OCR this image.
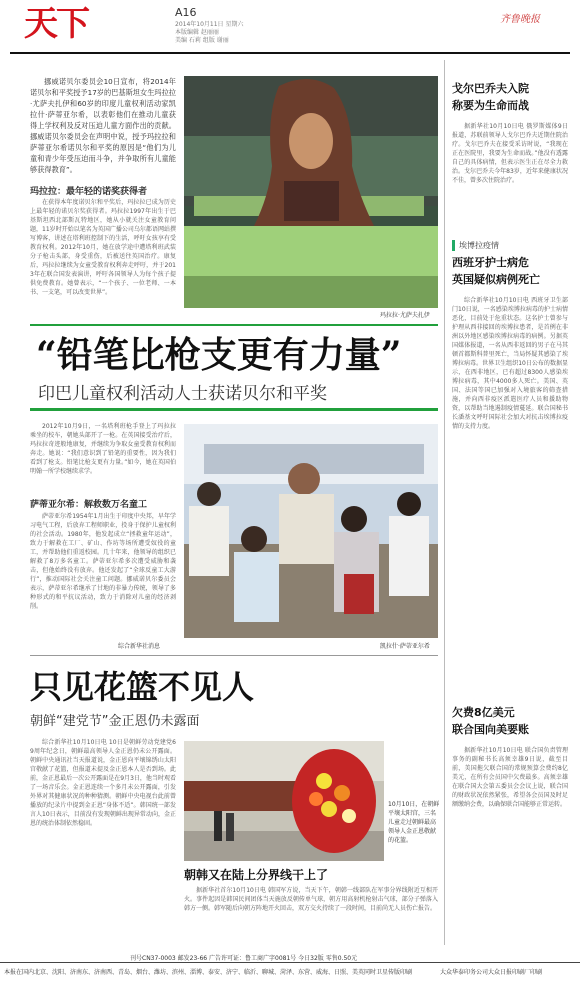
天下	A16
2014年10月11日 星期六
本版编辑 赵丽丽
美编 石莉 组版 谢丽
齐鲁晚报
挪威诺贝尔委员会10日宣布，将2014年诺贝尔和平奖授予17岁的巴基斯坦女生玛拉拉·尤萨夫扎伊和60岁的印度儿童权利活动家凯拉什·萨蒂亚尔希，以表彰他们在推动儿童获得上学权利及反对压迫儿童方面作出的贡献。挪威诺贝尔委员会在声明中说，授予玛拉拉和萨蒂亚尔希诺贝尔和平奖的原因是“他们为儿童和青少年受压迫而斗争，并争取所有儿童能够获得教育”。
玛拉拉：最年轻的诺奖获得者
在获得本年度诺贝尔和平奖后，玛拉拉已成为历史上最年轻的诺贝尔奖获得者。玛拉拉1997年出生于巴基斯坦西北部斯瓦特地区，她从小就关注女童教育问题，11岁时开始以笔名为英国广播公司乌尔都语网站撰写博客，讲述在塔利班控制下的生活，呼吁女孩享有受教育权利。2012年10月，她在放学途中遭塔利班武装分子枪击头部，身受重伤，后被送往英国治疗。康复后，玛拉拉继续为女童受教育权利奔走呼吁，并于2013年在联合国发表演讲，呼吁各国领导人为每个孩子提供免费教育。她曾表示，“一个孩子、一位老师、一本书、一支笔，可以改变世界”。
玛拉拉·尤萨夫扎伊
“铅笔比枪支更有力量”
印巴儿童权利活动人士获诺贝尔和平奖
2012年10月9日，一名塔利班枪手登上了玛拉拉乘坐的校车，朝她头部开了一枪。在英国接受治疗后，玛拉拉奇迹般地康复，并继续为争取女童受教育权利而奔走。她说：“我们意识到了铅笔的重要性，因为我们看到了枪支。铅笔比枪支更有力量。”如今，她在英国伯明翰一所学校继续求学。
萨蒂亚尔希：解救数万名童工
萨蒂亚尔希1954年1月出生于印度中央邦，早年学习电气工程，后放弃工程师职业，投身于保护儿童权利的社会活动。1980年，他发起成立“拯救童年运动”，致力于解救在工厂、矿山、作坊等场所遭受奴役的童工，并帮助他们重返校园。几十年来，他领导的组织已解救了8万多名童工。萨蒂亚尔希多次遭受威胁和袭击，但他始终没有放弃。他还发起了“全球反童工大游行”，推动国际社会关注童工问题。挪威诺贝尔委员会表示，萨蒂亚尔希继承了甘地的非暴力传统，领导了多种形式的和平抗议活动，致力于消除对儿童的经济剥削。
综合新华社消息	凯拉什·萨蒂亚尔希
只见花篮不见人
朝鲜“建党节”金正恩仍未露面
综合新华社10月10日电 10日是朝鲜劳动党建党69周年纪念日，朝鲜最高领导人金正恩仍未公开露面。朝鲜中央通讯社当天报道说，金正恩向平壤锦绣山太阳宫敬献了花篮，但报道未提及金正恩本人是否到场。此前，金正恩最后一次公开露面是在9月3日，他当时观看了一场音乐会。金正恩连续一个多月未公开露面，引发外界对其健康状况的种种猜测。朝鲜中央电视台此前曾播放的纪录片中提到金正恩“身体不适”。韩国统一部发言人10日表示，目前没有发现朝鲜出现异常动向，金正恩的统治体制依然稳固。
10月10日，在朝鲜平壤太阳宫，三名儿童走过朝鲜最高领导人金正恩敬献的花篮。
朝韩又在陆上分界线干上了
据新华社首尔10月10日电 韩国军方说，当天下午，朝韩一线部队在军事分界线附近互相开火。事件起因是韩国民间团体当天施放反朝传单气球，朝方用高射机枪射击气球，部分子弹落入韩方一侧。韩军随后向朝方阵地开火回击，双方交火持续了一段时间，目前尚无人员伤亡报告。
戈尔巴乔夫入院
称要为生命而战
据新华社10月10日电 俄罗斯媒体9日报道，苏联前领导人戈尔巴乔夫近期住院治疗。戈尔巴乔夫在接受采访时说，“我现在正在医院里，我要为生命而战。”他没有透露自己的具体病情，但表示医生正在尽全力救治。戈尔巴乔夫今年83岁，近年来健康状况不佳，曾多次住院治疗。
埃博拉疫情
西班牙护士病危
英国疑似病例死亡
综合新华社10月10日电 西班牙卫生部门10日说，一名感染埃博拉病毒的护士病情恶化，目前处于危重状态。这名护士曾参与护理从西非接回的埃博拉患者，是首例在非洲以外地区感染埃博拉病毒的病例。另据英国媒体报道，一名从西非返回的男子在马其顿首都斯科普里死亡，当局怀疑其感染了埃博拉病毒。世界卫生组织10日公布的数据显示，在西非地区，已有超过8300人感染埃博拉病毒，其中4000多人死亡。美国、英国、法国等国已加强对入境旅客的筛查措施，并向西非疫区派遣医疗人员和援助物资，以帮助当地遏制疫情蔓延。联合国秘书长潘基文呼吁国际社会加大对抗击埃博拉疫情的支持力度。
欠费8亿美元
联合国向美要账
据新华社10月10日电 联合国负责管理事务的副秘书长高须幸雄9日说，截至目前，美国拖欠联合国的常规预算会费约8亿美元，在所有会员国中欠费最多。高须幸雄在联合国大会第五委员会会议上说，联合国的财政状况依然紧张，希望各会员国及时足额缴纳会费，以确保联合国能够正常运转。
本报在国内北京、沈阳、济南东、济南西、青岛、烟台、潍坊、滨州、淄博、泰安、济宁、临沂、聊城、菏泽、东营、威海、日照、美英同时卫星传版印刷
刊号CN37-0003 邮发23-66 广告许可证：鲁工商广字0081号 今日32版 零售0.50元
大众华泰印务公司大众日报印刷厂印刷
